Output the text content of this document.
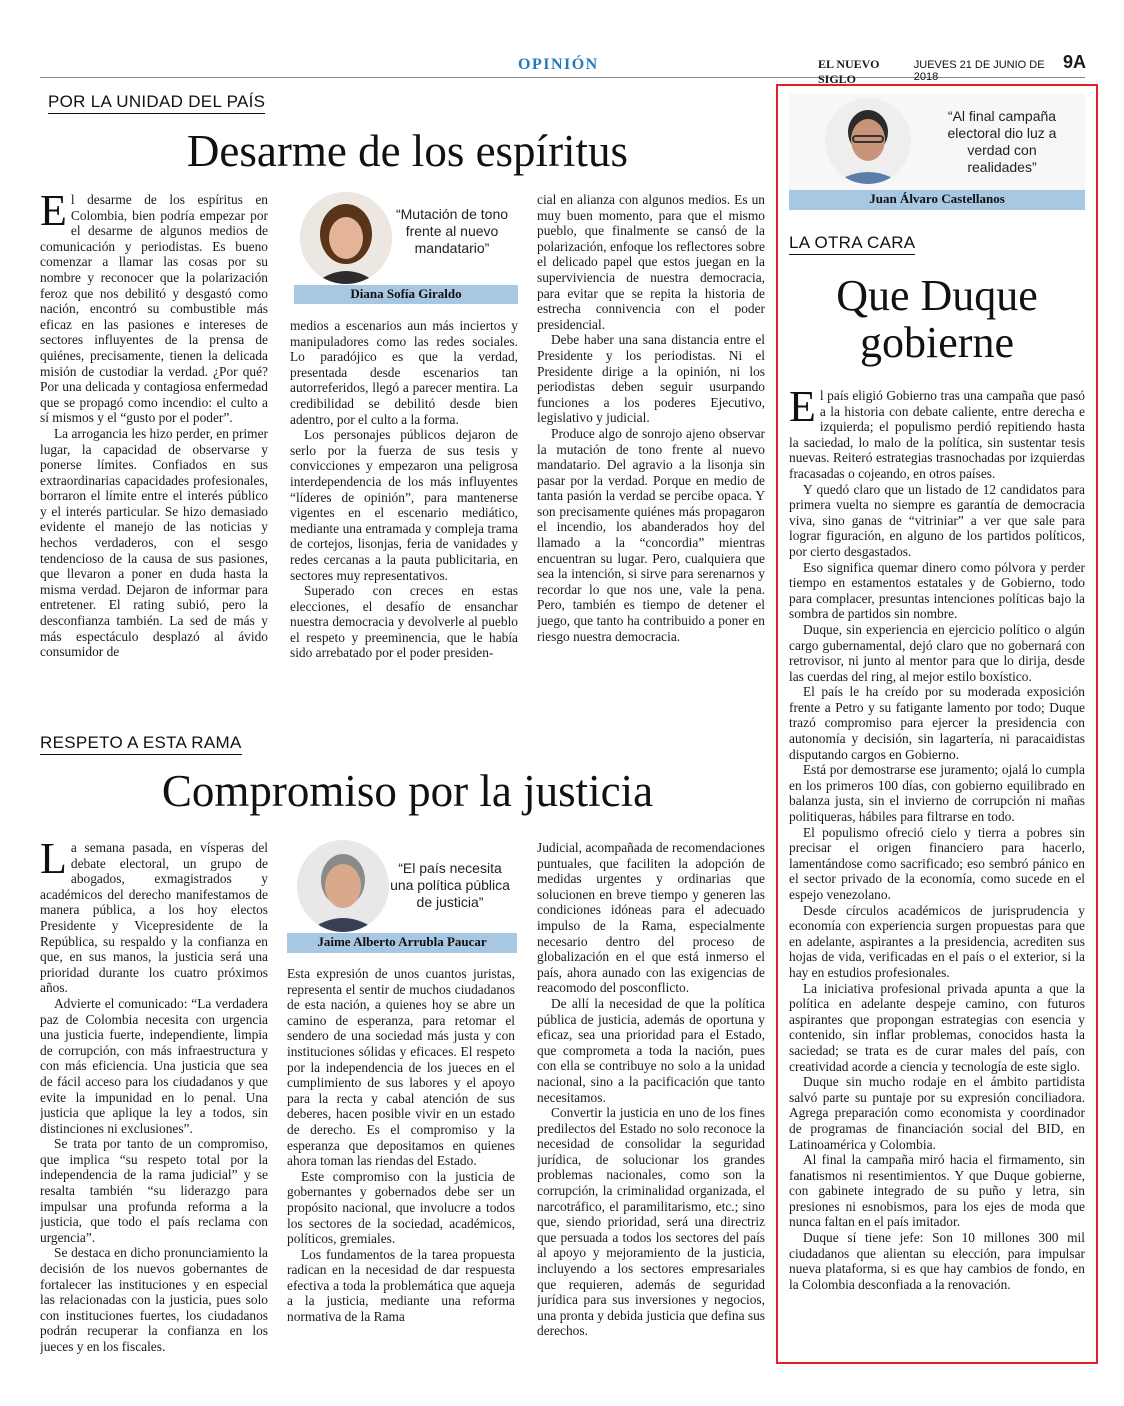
OPINIÓN	EL NUEVO SIGLO
JUEVES 21 DE JUNIO DE 2018
9A
POR LA UNIDAD DEL PAÍS
Desarme de los espíritus

El desarme de los espíritus en Colombia, bien podría empezar por el desarme de algunos medios de comunicación y periodistas. Es bueno comenzar a llamar las cosas por su nombre y reconocer que la polarización feroz que nos debilitó y desgastó como nación, encontró su combustible más eficaz en las pasiones e intereses de sectores influyentes de la prensa de quiénes, precisamente, tienen la delicada misión de custodiar la verdad. ¿Por qué? Por una delicada y contagiosa enfermedad que se propagó como incendio: el culto a sí mismos y el “gusto por el poder”.

La arrogancia les hizo perder, en primer lugar, la capacidad de observarse y ponerse límites. Confiados en sus extraordinarias capacidades profesionales, borraron el límite entre el interés público y el interés particular. Se hizo demasiado evidente el manejo de las noticias y hechos verdaderos, con el sesgo tendencioso de la causa de sus pasiones, que llevaron a poner en duda hasta la misma verdad. Dejaron de informar para entretener. El rating subió, pero la desconfianza también. La sed de más y más espectáculo desplazó al ávido consumidor de

“Mutación de tono frente al nuevo mandatario”
Diana Sofía Giraldo

medios a escenarios aun más inciertos y manipuladores como las redes sociales. Lo paradójico es que la verdad, presentada desde escenarios tan autorreferidos, llegó a parecer mentira. La credibilidad se debilitó desde bien adentro, por el culto a la forma.

Los personajes públicos dejaron de serlo por la fuerza de sus tesis y convicciones y empezaron una peligrosa interdependencia de los más influyentes “líderes de opinión”, para mantenerse vigentes en el escenario mediático, mediante una entramada y compleja trama de cortejos, lisonjas, feria de vanidades y redes cercanas a la pauta publicitaria, en sectores muy representativos.

Superado con creces en estas elecciones, el desafío de ensanchar nuestra democracia y devolverle al pueblo el respeto y preeminencia, que le había sido arrebatado por el poder presiden-

cial en alianza con algunos medios. Es un muy buen momento, para que el mismo pueblo, que finalmente se cansó de la polarización, enfoque los reflectores sobre el delicado papel que estos juegan en la superviviencia de nuestra democracia, para evitar que se repita la historia de estrecha connivencia con el poder presidencial.

Debe haber una sana distancia entre el Presidente y los periodistas. Ni el Presidente dirige a la opinión, ni los periodistas deben seguir usurpando funciones a los poderes Ejecutivo, legislativo y judicial.

Produce algo de sonrojo ajeno observar la mutación de tono frente al nuevo mandatario. Del agravio a la lisonja sin pasar por la verdad. Porque en medio de tanta pasión la verdad se percibe opaca. Y son precisamente quiénes más propagaron el incendio, los abanderados hoy del llamado a la “concordia” mientras encuentran su lugar. Pero, cualquiera que sea la intención, si sirve para serenarnos y recordar lo que nos une, vale la pena. Pero, también es tiempo de detener el juego, que tanto ha contribuido a poner en riesgo nuestra democracia.

RESPETO A ESTA RAMA
Compromiso por la justicia

La semana pasada, en vísperas del debate electoral, un grupo de abogados, exmagistrados y académicos del derecho manifestamos de manera pública, a los hoy electos Presidente y Vicepresidente de la República, su respaldo y la confianza en que, en sus manos, la justicia será una prioridad durante los cuatro próximos años.

Advierte el comunicado: “La verdadera paz de Colombia necesita con urgencia una justicia fuerte, independiente, limpia de corrupción, con más infraestructura y con más eficiencia. Una justicia que sea de fácil acceso para los ciudadanos y que evite la impunidad en lo penal. Una justicia que aplique la ley a todos, sin distinciones ni exclusiones”.

Se trata por tanto de un compromiso, que implica “su respeto total por la independencia de la rama judicial” y se resalta también “su liderazgo para impulsar una profunda reforma a la justicia, que todo el país reclama con urgencia”.

Se destaca en dicho pronunciamiento la decisión de los nuevos gobernantes de fortalecer las instituciones y en especial las relacionadas con la justicia, pues solo con instituciones fuertes, los ciudadanos podrán recuperar la confianza en los jueces y en los fiscales.

“El país necesita una política pública de justicia”
Jaime Alberto Arrubla Paucar

Esta expresión de unos cuantos juristas, representa el sentir de muchos ciudadanos de esta nación, a quienes hoy se abre un camino de esperanza, para retomar el sendero de una sociedad más justa y con instituciones sólidas y eficaces. El respeto por la independencia de los jueces en el cumplimiento de sus labores y el apoyo para la recta y cabal atención de sus deberes, hacen posible vivir en un estado de derecho. Es el compromiso y la esperanza que depositamos en quienes ahora toman las riendas del Estado.

Este compromiso con la justicia de gobernantes y gobernados debe ser un propósito nacional, que involucre a todos los sectores de la sociedad, académicos, políticos, gremiales.

Los fundamentos de la tarea propuesta radican en la necesidad de dar respuesta efectiva a toda la problemática que aqueja a la justicia, mediante una reforma normativa de la Rama

Judicial, acompañada de recomendaciones puntuales, que faciliten la adopción de medidas urgentes y ordinarias que solucionen en breve tiempo y generen las condiciones idóneas para el adecuado impulso de la Rama, especialmente necesario dentro del proceso de globalización en el que está inmerso el país, ahora aunado con las exigencias de reacomodo del posconflicto.

De allí la necesidad de que la política pública de justicia, además de oportuna y eficaz, sea una prioridad para el Estado, que comprometa a toda la nación, pues con ella se contribuye no solo a la unidad nacional, sino a la pacificación que tanto necesitamos.

Convertir la justicia en uno de los fines predilectos del Estado no solo reconoce la necesidad de consolidar la seguridad jurídica, de solucionar los grandes problemas nacionales, como son la corrupción, la criminalidad organizada, el narcotráfico, el paramilitarismo, etc.; sino que, siendo prioridad, será una directriz que persuada a todos los sectores del país al apoyo y mejoramiento de la justicia, incluyendo a los sectores empresariales que requieren, además de seguridad jurídica para sus inversiones y negocios, una pronta y debida justicia que defina sus derechos.

“Al final campaña electoral dio luz a verdad con realidades”
Juan Álvaro Castellanos
LA OTRA CARA
Que Duque
gobierne

El país eligió Gobierno tras una campaña que pasó a la historia con debate caliente, entre derecha e izquierda; el populismo perdió repitiendo hasta la saciedad, lo malo de la política, sin sustentar tesis nuevas. Reiteró estrategias trasnochadas por izquierdas fracasadas o cojeando, en otros países.

Y quedó claro que un listado de 12 candidatos para primera vuelta no siempre es garantía de democracia viva, sino ganas de “vitriniar” a ver que sale para lograr figuración, en alguno de los partidos políticos, por cierto desgastados.

Eso significa quemar dinero como pólvora y perder tiempo en estamentos estatales y de Gobierno, todo para complacer, presuntas intenciones políticas bajo la sombra de partidos sin nombre.

Duque, sin experiencia en ejercicio político o algún cargo gubernamental, dejó claro que no gobernará con retrovisor, ni junto al mentor para que lo dirija, desde las cuerdas del ring, al mejor estilo boxístico.

El país le ha creído por su moderada exposición frente a Petro y su fatigante lamento por todo; Duque trazó compromiso para ejercer la presidencia con autonomía y decisión, sin lagartería, ni paracaidistas disputando cargos en Gobierno.

Está por demostrarse ese juramento; ojalá lo cumpla en los primeros 100 días, con gobierno equilibrado en balanza justa, sin el invierno de corrupción ni mañas politiqueras, hábiles para filtrarse en todo.

El populismo ofreció cielo y tierra a pobres sin precisar el origen financiero para hacerlo, lamentándose como sacrificado; eso sembró pánico en el sector privado de la economía, como sucede en el espejo venezolano.

Desde círculos académicos de jurisprudencia y economía con experiencia surgen propuestas para que en adelante, aspirantes a la presidencia, acrediten sus hojas de vida, verificadas en el país o el exterior, si la hay en estudios profesionales.

La iniciativa profesional privada apunta a que la política en adelante despeje camino, con futuros aspirantes que propongan estrategias con esencia y contenido, sin inflar problemas, conocidos hasta la saciedad; se trata es de curar males del país, con creatividad acorde a ciencia y tecnología de este siglo.

Duque sin mucho rodaje en el ámbito partidista salvó parte su puntaje por su expresión conciliadora. Agrega preparación como economista y coordinador de programas de financiación social del BID, en Latinoamérica y Colombia.

Al final la campaña miró hacia el firmamento, sin fanatismos ni resentimientos. Y que Duque gobierne, con gabinete integrado de su puño y letra, sin presiones ni esnobismos, para los ejes de moda que nunca faltan en el país imitador.

Duque sí tiene jefe: Son 10 millones 300 mil ciudadanos que alientan su elección, para impulsar nueva plataforma, si es que hay cambios de fondo, en la Colombia desconfiada a la renovación.
